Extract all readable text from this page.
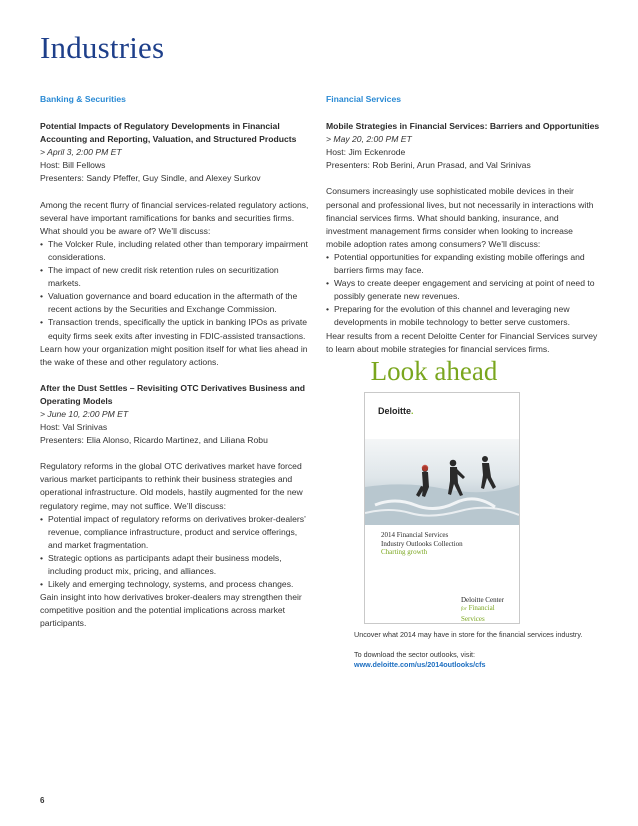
Industries

Banking & Securities

Potential Impacts of Regulatory Developments in Financial Accounting and Reporting, Valuation, and Structured Products

> April 3, 2:00 PM ET

Host: Bill Fellows

Presenters: Sandy Pfeffer, Guy Sindle, and Alexey Surkov

Among the recent flurry of financial services-related regulatory actions, several have important ramifications for banks and securities firms. What should you be aware of? We’ll discuss:

• The Volcker Rule, including related other than temporary impairment considerations.
• The impact of new credit risk retention rules on securitization markets.
• Valuation governance and board education in the aftermath of the recent actions by the Securities and Exchange Commission.
• Transaction trends, specifically the uptick in banking IPOs as private equity firms seek exits after investing in FDIC-assisted transactions.

Learn how your organization might position itself for what lies ahead in the wake of these and other regulatory actions.

After the Dust Settles – Revisiting OTC Derivatives Business and Operating Models

> June 10, 2:00 PM ET

Host: Val Srinivas

Presenters: Elia Alonso, Ricardo Martinez, and Liliana Robu

Regulatory reforms in the global OTC derivatives market have forced various market participants to rethink their business strategies and operational infrastructure. Old models, hastily augmented for the new regulatory regime, may not suffice. We’ll discuss:

• Potential impact of regulatory reforms on derivatives broker-dealers’ revenue, compliance infrastructure, product and service offerings, and market fragmentation.
• Strategic options as participants adapt their business models, including product mix, pricing, and alliances.
• Likely and emerging technology, systems, and process changes.

Gain insight into how derivatives broker-dealers may strengthen their competitive position and the potential implications across market participants.

Financial Services

Mobile Strategies in Financial Services: Barriers and Opportunities

> May 20, 2:00 PM ET

Host: Jim Eckenrode

Presenters: Rob Berini, Arun Prasad, and Val Srinivas

Consumers increasingly use sophisticated mobile devices in their personal and professional lives, but not necessarily in interactions with financial services firms. What should banking, insurance, and investment management firms consider when looking to increase mobile adoption rates among consumers? We’ll discuss:

• Potential opportunities for expanding existing mobile offerings and barriers firms may face.
• Ways to create deeper engagement and servicing at point of need to possibly generate new revenues.
• Preparing for the evolution of this channel and leveraging new developments in mobile technology to better serve customers.

Hear results from a recent Deloitte Center for Financial Services survey to learn about mobile strategies for financial services firms.

Look ahead

Deloitte.
2014 Financial Services
Industry Outlooks Collection
Charting growth
Deloitte Center
for Financial Services

Uncover what 2014 may have in store for the financial services industry.

To download the sector outlooks, visit:

www.deloitte.com/us/2014outlooks/cfs

6
